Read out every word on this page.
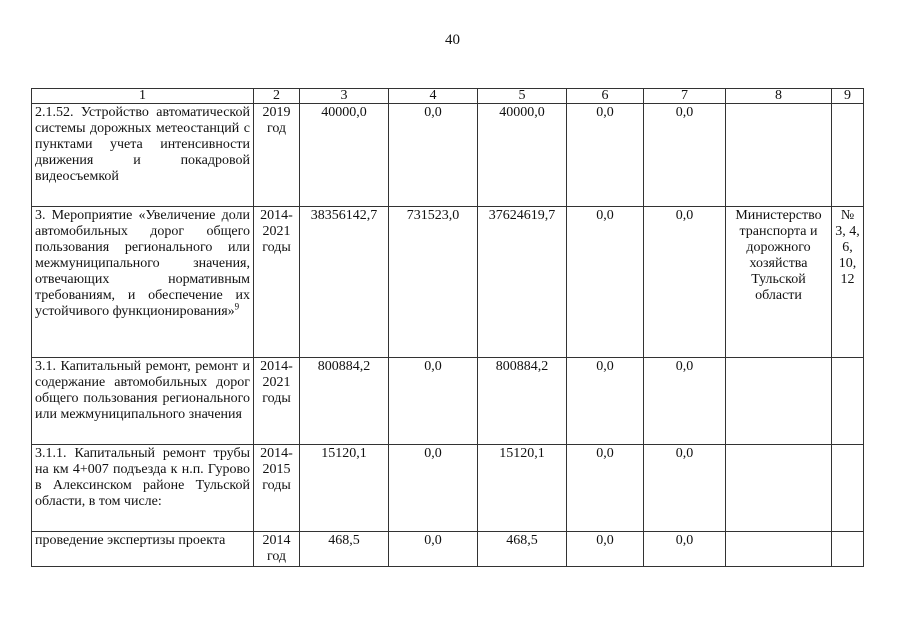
40
1	2	3	4	5	6	7	8	9
2.1.52. Устройство автоматической системы дорожных метеостанций с пунктами учета интенсивности движения и покадровой видеосъемкой	2019 год	40000,0	0,0	40000,0	0,0	0,0		
3. Мероприятие «Увеличение доли автомобильных дорог общего пользования регионального или межмуниципального значения, отвечающих нормативным требованиям, и обеспечение их устойчивого функционирования»$^9$	2014-2021 годы	38356142,7	731523,0	37624619,7	0,0	0,0	Министерство транспорта и дорожного хозяйства Тульской области	№ 3, 4, 6, 10, 12
3.1. Капитальный ремонт, ремонт и содержание автомобильных дорог общего пользования регионального или межмуниципального значения	2014-2021 годы	800884,2	0,0	800884,2	0,0	0,0		
3.1.1. Капитальный ремонт трубы на км 4+007 подъезда к н.п. Гурово в Алексинском районе Тульской области, в том числе:	2014-2015 годы	15120,1	0,0	15120,1	0,0	0,0		
проведение экспертизы проекта	2014 год	468,5	0,0	468,5	0,0	0,0		
